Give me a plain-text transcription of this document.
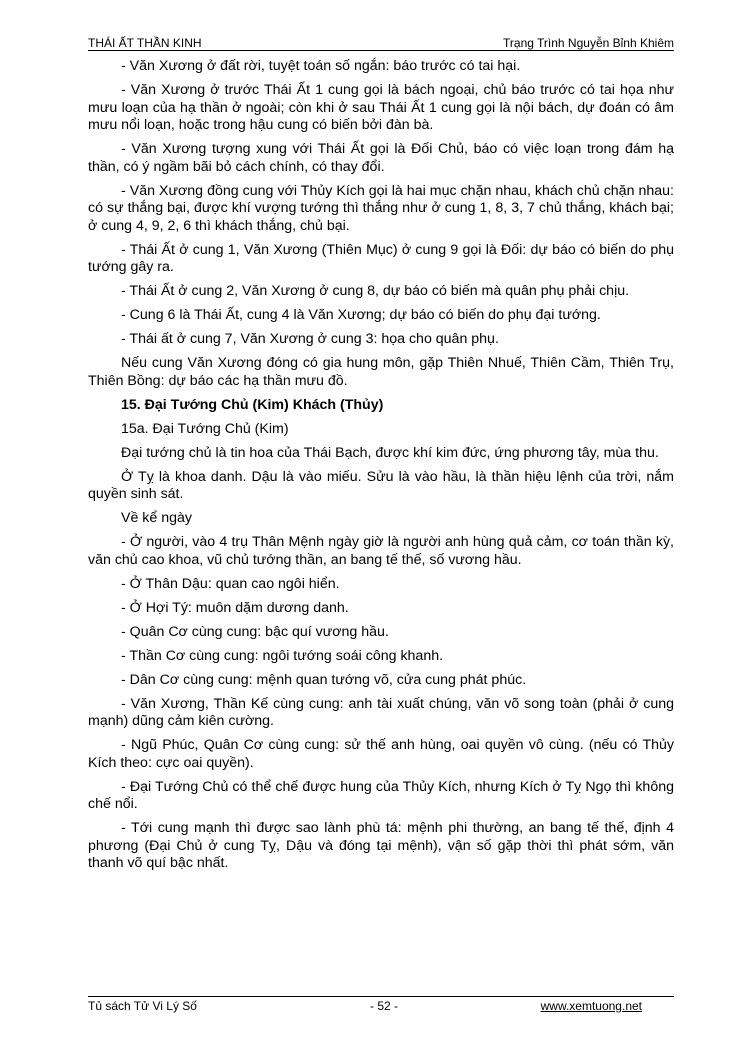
THÁI ẤT THẦN KINH	Trạng Trình Nguyễn Bỉnh Khiêm

- Văn Xương ở đất rời, tuyệt toán số ngắn: báo trước có tai hại.

- Văn Xương ở trước Thái Ất 1 cung gọi là bách ngoại, chủ báo trước có tai họa như mưu loạn của hạ thần ở ngoài; còn khi ở sau Thái Ất 1 cung gọi là nội bách, dự đoán có âm mưu nổi loạn, hoặc trong hậu cung có biến bởi đàn bà.

- Văn Xương tượng xung với Thái Ất gọi là Đối Chủ, báo có việc loạn trong đám hạ thần, có ý ngầm bãi bỏ cách chính, có thay đổi.

- Văn Xương đồng cung với Thủy Kích gọi là hai mục chặn nhau, khách chủ chặn nhau: có sự thắng bại, được khí vượng tướng thì thắng như ở cung 1, 8, 3, 7 chủ thắng, khách bại; ở cung 4, 9, 2, 6 thì khách thắng, chủ bại.

- Thái Ất ở cung 1, Văn Xương (Thiên Mục) ở cung 9 gọi là Đối: dự báo có biến do phụ tướng gây ra.

- Thái Ất ở cung 2, Văn Xương ở cung 8, dự báo có biến mà quân phụ phải chịu.

- Cung 6 là Thái Ất, cung 4 là Văn Xương; dự báo có biến do phụ đại tướng.

- Thái ất ở cung 7, Văn Xương ở cung 3: họa cho quân phụ.

Nếu cung Văn Xương đóng có gia hung môn, gặp Thiên Nhuế, Thiên Cầm, Thiên Trụ, Thiên Bồng: dự báo các hạ thần mưu đồ.

15. Đại Tướng Chủ (Kim) Khách (Thủy)

15a. Đại Tướng Chủ (Kim)

Đại tướng chủ là tin hoa của Thái Bạch, được khí kim đức, ứng phương tây, mùa thu.

Ở Tỵ là khoa danh. Dậu là vào miếu. Sửu là vào hầu, là thần hiệu lệnh của trời, nắm quyền sinh sát.

Về kể ngày

- Ở người, vào 4 trụ Thân Mệnh ngày giờ là người anh hùng quả cảm, cơ toán thần kỳ, văn chủ cao khoa, vũ chủ tướng thần, an bang tế thế, số vương hầu.

- Ở Thân Dậu: quan cao ngôi hiển.

- Ở Hợi Tý: muôn dặm dương danh.

- Quân Cơ cùng cung: bậc quí vương hầu.

- Thần Cơ cùng cung: ngôi tướng soái công khanh.

- Dân Cơ cùng cung: mệnh quan tướng võ, cửa cung phát phúc.

- Văn Xương, Thần Kế cùng cung: anh tài xuất chúng, văn võ song toàn (phải ở cung mạnh) dũng cảm kiên cường.

- Ngũ Phúc, Quân Cơ cùng cung: sử thế anh hùng, oai quyền vô cùng. (nếu có Thủy Kích theo: cực oai quyền).

- Đại Tướng Chủ có thể chế được hung của Thủy Kích, nhưng Kích ở Tỵ Ngọ thì không chế nổi.

- Tới cung mạnh thì được sao lành phù tá: mệnh phi thường, an bang tế thế, định 4 phương (Đại Chủ ở cung Tỵ, Dậu và đóng tại mệnh), vận số gặp thời thì phát sớm, văn thanh võ quí bậc nhất.

Tủ sách Tử Vi Lý Số	- 52 -	www.xemtuong.net
